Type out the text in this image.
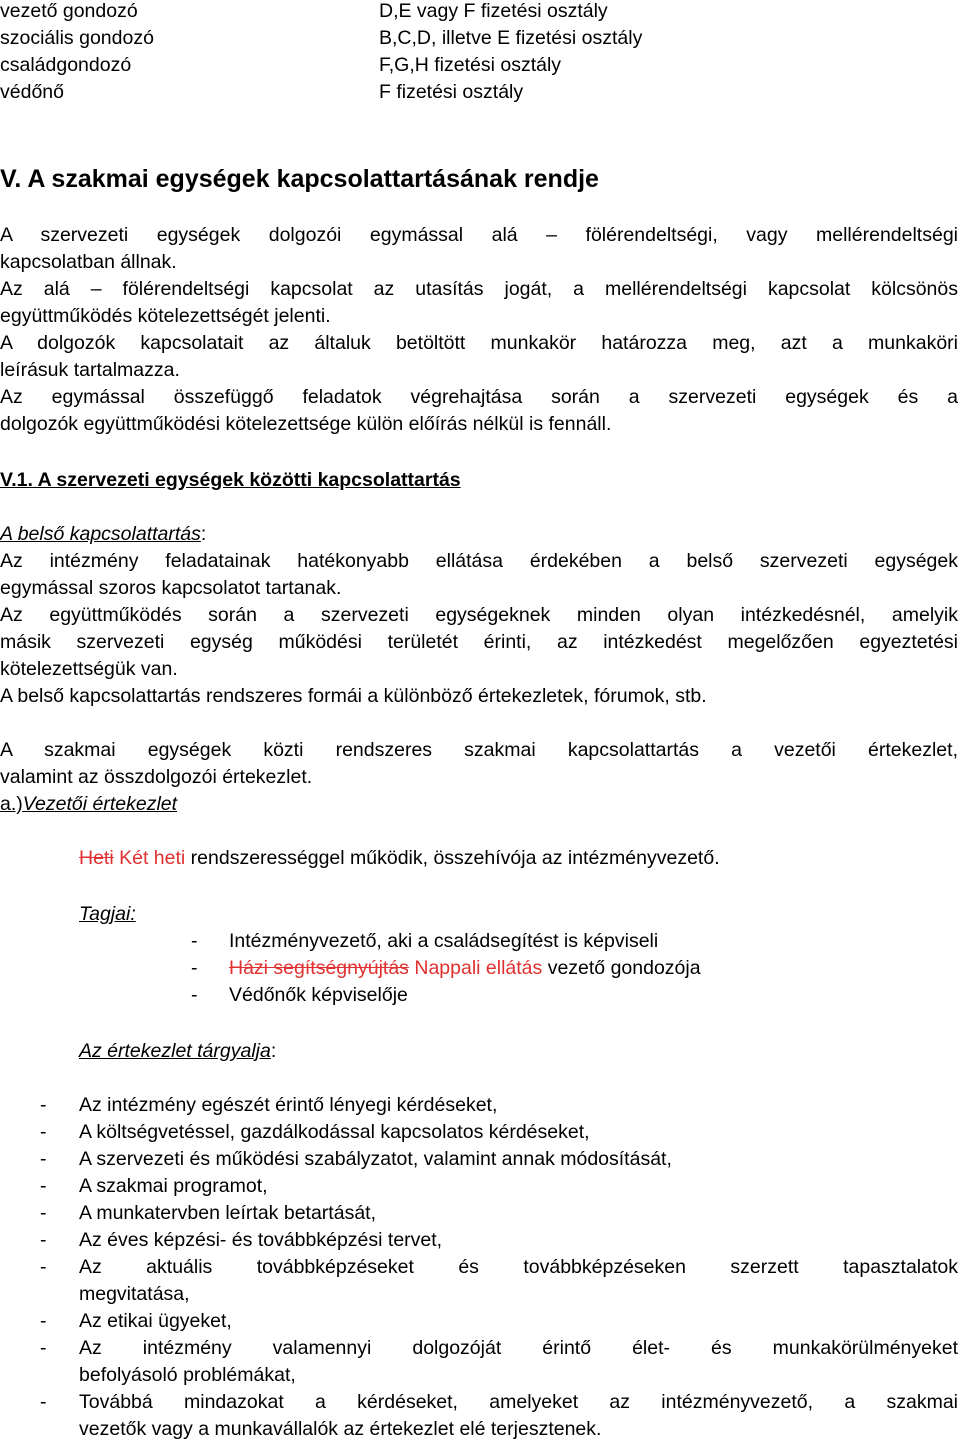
vezető gondozó	D,E vagy F fizetési osztály
szociális gondozó	B,C,D, illetve E fizetési osztály
családgondozó	F,G,H fizetési osztály
védőnő	F fizetési osztály
V. A szakmai egységek kapcsolattartásának rendje
A szervezeti egységek dolgozói egymással alá – fölérendeltségi, vagy mellérendeltségi
kapcsolatban állnak.
Az alá – fölérendeltségi kapcsolat az utasítás jogát, a mellérendeltségi kapcsolat kölcsönös
együttműködés kötelezettségét jelenti.
A dolgozók kapcsolatait az általuk betöltött munkakör határozza meg, azt a munkaköri
leírásuk tartalmazza.
Az egymással összefüggő feladatok végrehajtása során a szervezeti egységek és a
dolgozók együttműködési kötelezettsége külön előírás nélkül is fennáll.
V.1. A szervezeti egységek közötti kapcsolattartás
A belső kapcsolattartás:
Az intézmény feladatainak hatékonyabb ellátása érdekében a belső szervezeti egységek
egymással szoros kapcsolatot tartanak.
Az együttműködés során a szervezeti egységeknek minden olyan intézkedésnél, amelyik
másik szervezeti egység működési területét érinti, az intézkedést megelőzően egyeztetési
kötelezettségük van.
A belső kapcsolattartás rendszeres formái a különböző értekezletek, fórumok, stb.
A szakmai egységek közti rendszeres szakmai kapcsolattartás a vezetői értekezlet,
valamint az összdolgozói értekezlet.
a.)Vezetői értekezlet
Heti Két heti rendszerességgel működik, összehívója az intézményvezető.
Tagjai:
- Intézményvezető, aki a családsegítést is képviseli
- Házi segítségnyújtás Nappali ellátás vezető gondozója
- Védőnők képviselője
Az értekezlet tárgyalja:
- Az intézmény egészét érintő lényegi kérdéseket,
- A költségvetéssel, gazdálkodással kapcsolatos kérdéseket,
- A szervezeti és működési szabályzatot, valamint annak módosítását,
- A szakmai programot,
- A munkatervben leírtak betartását,
- Az éves képzési- és továbbképzési tervet,
- Az aktuális továbbképzéseket és továbbképzéseken szerzett tapasztalatok
megvitatása,
- Az etikai ügyeket,
- Az intézmény valamennyi dolgozóját érintő élet- és munkakörülményeket
befolyásoló problémákat,
- Továbbá mindazokat a kérdéseket, amelyeket az intézményvezető, a szakmai
vezetők vagy a munkavállalók az értekezlet elé terjesztenek.
